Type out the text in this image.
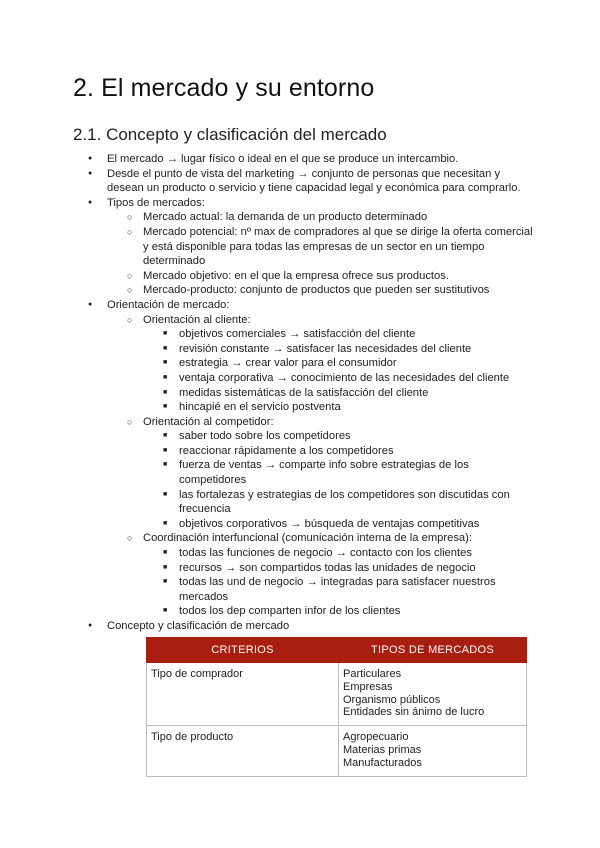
2. El mercado y su entorno
2.1. Concepto y clasificación del mercado
● El mercado → lugar físico o ideal en el que se produce un intercambio.
● Desde el punto de vista del marketing → conjunto de personas que necesitan y desean un producto o servicio y tiene capacidad legal y económica para comprarlo.
● Tipos de mercados:
○ Mercado actual: la demanda de un producto determinado
○ Mercado potencial: nº max de compradores al que se dirige la oferta comercial y está disponible para todas las empresas de un sector en un tiempo determinado
○ Mercado objetivo: en el que la empresa ofrece sus productos.
○ Mercado-producto: conjunto de productos que pueden ser sustitutivos
● Orientación de mercado:
○ Orientación al cliente:
■ objetivos comerciales → satisfacción del cliente
■ revisión constante → satisfacer las necesidades del cliente
■ estrategia → crear valor para el consumidor
■ ventaja corporativa → conocimiento de las necesidades del cliente
■ medidas sistemáticas de la satisfacción del cliente
■ hincapié en el servicio postventa
○ Orientación al competidor:
■ saber todo sobre los competidores
■ reaccionar rápidamente a los competidores
■ fuerza de ventas → comparte info sobre estrategias de los competidores
■ las fortalezas y estrategias de los competidores son discutidas con frecuencia
■ objetivos corporativos → búsqueda de ventajas competitivas
○ Coordinación interfuncional (comunicación interna de la empresa):
■ todas las funciones de negocio → contacto con los clientes
■ recursos → son compartidos todas las unidades de negocio
■ todas las und de negocio → integradas para satisfacer nuestros mercados
■ todos los dep comparten infor de los clientes
● Concepto y clasificación de mercado
CRITERIOS	TIPOS DE MERCADOS
Tipo de comprador	Particulares
Empresas
Organismo públicos
Entidades sin ánimo de lucro

Tipo de producto	Agropecuario
Materias primas
Manufacturados
